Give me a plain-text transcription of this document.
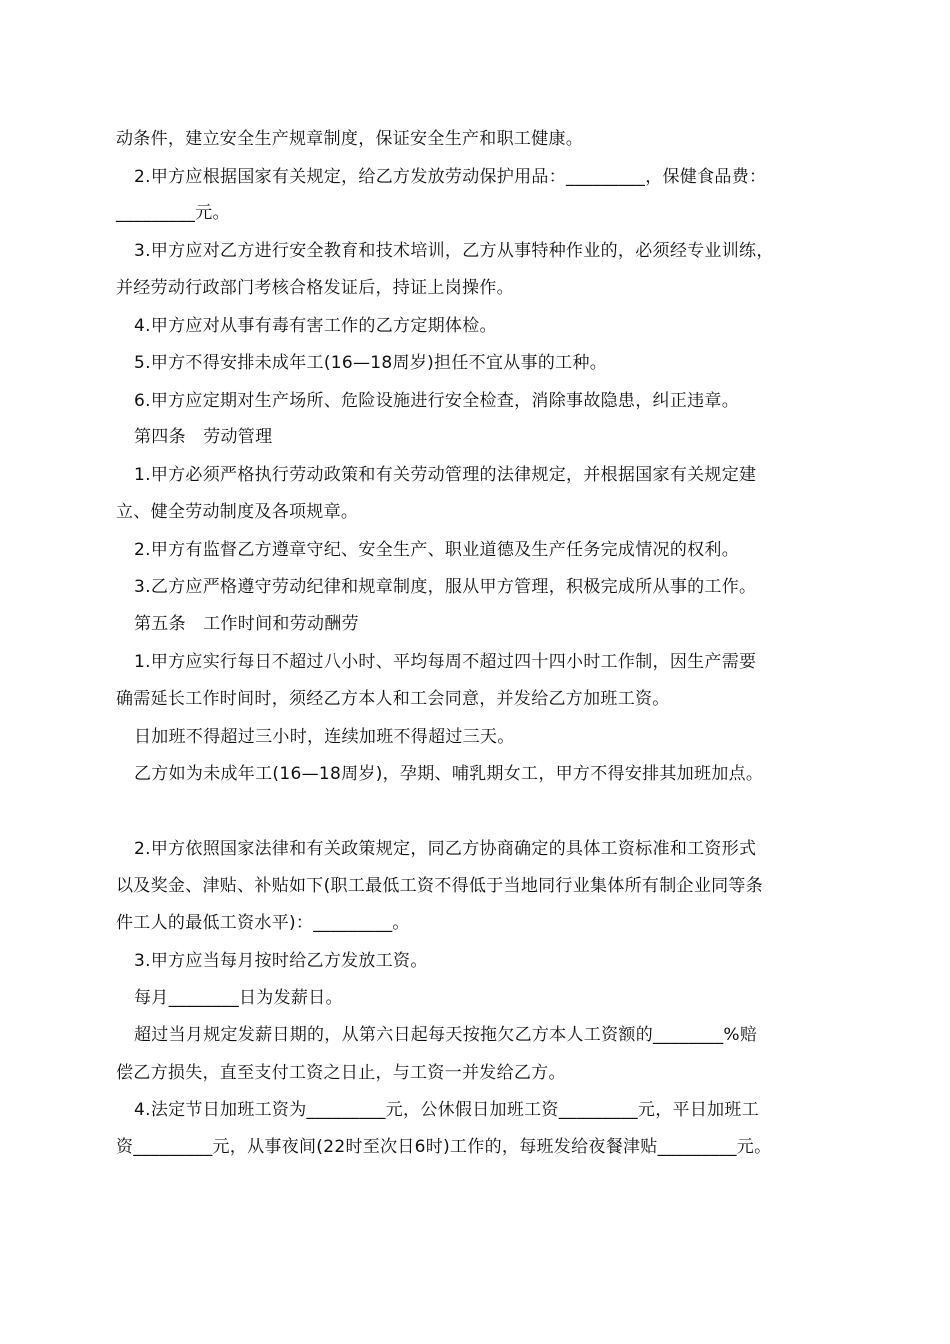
动条件，建立安全生产规章制度，保证安全生产和职工健康。
2.甲方应根据国家有关规定，给乙方发放劳动保护用品：_________，保健食品费：
_________元。
3.甲方应对乙方进行安全教育和技术培训，乙方从事特种作业的，必须经专业训练，
并经劳动行政部门考核合格发证后，持证上岗操作。
4.甲方应对从事有毒有害工作的乙方定期体检。
5.甲方不得安排未成年工(16—18周岁)担任不宜从事的工种。
6.甲方应定期对生产场所、危险设施进行安全检查，消除事故隐患，纠正违章。
第四条　劳动管理
1.甲方必须严格执行劳动政策和有关劳动管理的法律规定，并根据国家有关规定建
立、健全劳动制度及各项规章。
2.甲方有监督乙方遵章守纪、安全生产、职业道德及生产任务完成情况的权利。
3.乙方应严格遵守劳动纪律和规章制度，服从甲方管理，积极完成所从事的工作。
第五条　工作时间和劳动酬劳
1.甲方应实行每日不超过八小时、平均每周不超过四十四小时工作制，因生产需要
确需延长工作时间时，须经乙方本人和工会同意，并发给乙方加班工资。
日加班不得超过三小时，连续加班不得超过三天。
乙方如为未成年工(16—18周岁)，孕期、哺乳期女工，甲方不得安排其加班加点。
2.甲方依照国家法律和有关政策规定，同乙方协商确定的具体工资标准和工资形式
以及奖金、津贴、补贴如下(职工最低工资不得低于当地同行业集体所有制企业同等条
件工人的最低工资水平)：_________。
3.甲方应当每月按时给乙方发放工资。
每月________日为发薪日。
超过当月规定发薪日期的，从第六日起每天按拖欠乙方本人工资额的________%赔
偿乙方损失，直至支付工资之日止，与工资一并发给乙方。
4.法定节日加班工资为_________元，公休假日加班工资_________元，平日加班工
资_________元，从事夜间(22时至次日6时)工作的，每班发给夜餐津贴_________元。
